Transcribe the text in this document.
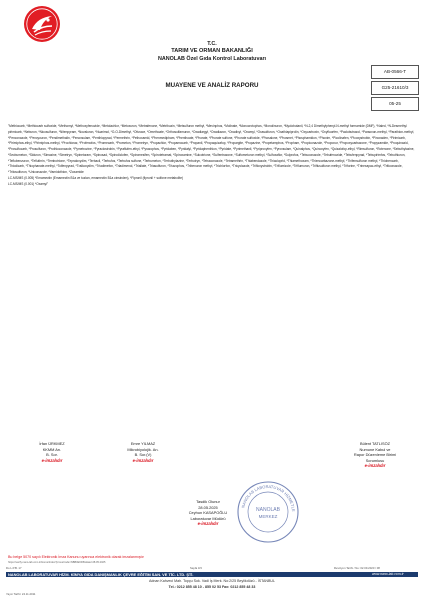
T.C.
TARIM VE ORMAN BAKANLIĞI
NANOLAB Özel Gıda Kontrol Laboratuvarı
MUAYENE VE ANALİZ RAPORU
AB-0566-T
G25-21610/3
05-25
"Methiocarb, *Methiocarb sulfoxide, *Methomyl, *Methoxyfenozide, *Metolachlor, *Metoxuron, *Metrafenone, *Metribuzin, *Metsulfuron methyl, *Mevinphos, *Molinate, *Monocrotophos, *Monolinuron, *Myclobutanil, *N-2,4 Dimethylphenyl-N-methyl formamide (DMF), *Naled, *N-Desmethyl pirimicarb, *Neburon, *Nicosulfuron, *Nitenpyram, *Novaluron, *Nuarimol, *O-O-Dimethyl, *Ofurace, *Omethoate, *Orthosulfamuron, *Oxadiargyl, *Oxadiazon, *Oxadixyl, *Oxamyl, *Oxasulfuron, *Oxathiapiprolin, *Oxycarboxin, *Oxyfluorfen, *Paclobutrazol, *Paraoxon-methyl, *Parathion-methyl, *Penconazole, *Pencycuron, *Pendimethalin, *Penoxsulam, *Penthiopyrad, *Permethrin, *Pethoxamid, *Phenmedipham, *Phenthoate, *Phorate, *Phorate sulfone, *Phorate sulfoxide, *Phosalone, *Phosmet, *Phosphamidon, *Phoxim, *Picolinafen, *Picoxystrobin, *Pinoxaden, *Pirimicarb, *Pirimiphos-ethyl, *Pirimiphos-methyl, *Prochloraz, *Profenofos, *Promecarb, *Prometon, *Prometryn, *Propachlor, *Propamocarb, *Propanil, *Propaquizafop, *Propargite, *Propazine, *Propetamphos, *Propham, *Propiconazole, *Propoxur, *Propoxycarbazone, *Propyzamide, *Proquinazid, *Prosulfocarb, *Prosulfuron, *Prothioconazole, *Pymetrozine, *Pyraclostrobin, *Pyraflufen-ethyl, *Pyrazophos, *Pyridaben, *Pyridalyl, *Pyridaphenthion, *Pyridate, *Pyrimethanil, *Pyriproxyfen, *Pyroxsulam, *Quinalphos, *Quinoxyfen, *Quizalofop-ethyl, *Rimsulfuron, *Rotenone, *Sebuthylazine, *Secbumeton, *Siduron, *Simazine, *Simetryn, *Spinetoram, *Spinosad, *Spirodiclofen, *Spiromesifen, *Spirotetramat, *Spiroxamine, *Sulcotrione, *Sulfentrazone, *Sulfometuron methyl, *Sulfoxaflor, *Sulprofos, *Tebuconazole, *Tebufenozide, *Tebufenpyrad, *Tebupirimfos, *Tebuthiuron, *Teflubenzuron, *Tefluthrin, *Tembotrione, *Tepraloxydim, *Terbacil, *Terbufos, *Terbufos sulfone, *Terbumeton, *Terbuthylazine, *Terbutryn, *Tetraconazole, *Tetramethrin, *Thiabendazole, *Thiacloprid, *Thiamethoxam, *Thiencarbazone-methyl, *Thifensulfuron methyl, *Thiobencarb, *Thiodicarb, *Thiophanate-methyl, *Tolfenpyrad, *Tralkoxydim, *Triadimefon, *Triadimenol, *Triallate, *Triasulfuron, *Triazophos, *Tribenuron methyl, *Trichlorfon, *Tricyclazole, *Trifloxystrobin, *Triflumizole, *Triflumuron, *Triflusulfuron methyl, *Triforine, *Trinexapac-ethyl, *Triticonazole, *Tritosulfuron, *Uniconazole, *Vamidothion, *Zoxamide
LC-MS/MS (0.005) *Emamectin (Emamectin B1a ve tuzları, emamectin B1a cinsinden), *Fipronil (fipronil + sulfone metabolite)
LC-MS/MS (0.001) *Oxamyl"
İrfan ÜRKMEZ
KKMM Arı.
B. Sor.
e-imzalıdır
Emre YILMAZ
Mikrobiyolojik. An.
B. Sor.(V)
e-imzalıdır
Bülent TATLISÖZ
Numune Kabul ve
Rapor Düzenleme Birimi
Sorumlusu
e-imzalıdır
Tasdik Olunur
28.05.2025
Ceyhun KASAPOĞLU
Laboratuvar Müdürü
e-imzalıdır
NANOLAB LABORATUVAR HİZMETLE
NANOLAB
MERKEZ
Bu belge 5070 sayılı Elektronik İmza Kanunu uyarınca elektronik olarak imzalanmıştır
https://verify.nano-lab.com.tr/Home/Index?proveCode=NBB0E6D5&date=28.05.2025
Do L.P.B. 17	Sayfa 3/3	Revizyon Tarihi / No: 02.09.2020 / 08
NANOLAB LABORATUVAR HİZM. KİMYA GIDA DANIŞMANLIK ÇEVRE EĞİTİM SAN. VE TİC. LTD. ŞTİ.	www.nano-lab.com.tr
Adnan Kahveci Mah. Topçu Sok. Vadi İş Merk. No:2/25 Beylikdüzü - İSTANBUL
Tel.: 0212 855 48 10 - 855 02 53 Fax: 0212 855 48 33
Yayın Tarihi: 24.11.2011
